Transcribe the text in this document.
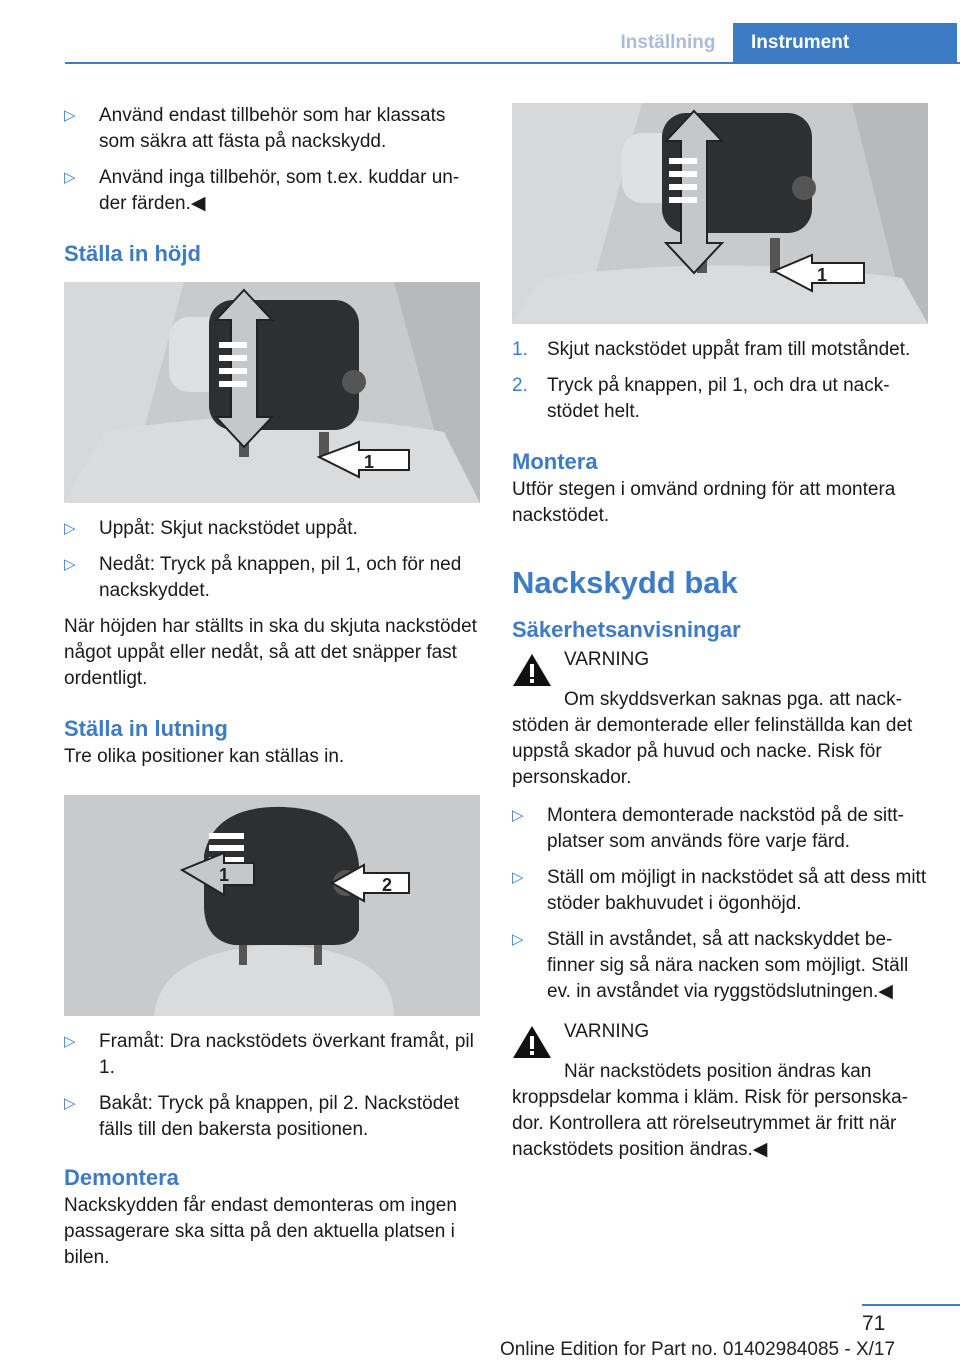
Inställning	Instrument
▷ Använd endast tillbehör som har klassats som säkra att fästa på nackskydd.
▷ Använd inga tillbehör, som t.ex. kuddar under färden.◀
Ställa in höjd
1
▷ Uppåt: Skjut nackstödet uppåt.
▷ Nedåt: Tryck på knappen, pil 1, och för ned nackskyddet.

När höjden har ställts in ska du skjuta nackstödet något uppåt eller nedåt, så att det snäpper fast ordentligt.

Ställa in lutning

Tre olika positioner kan ställas in.

1	2
▷ Framåt: Dra nackstödets överkant framåt, pil 1.
▷ Bakåt: Tryck på knappen, pil 2. Nackstödet fälls till den bakersta positionen.
Demontera

Nackskydden får endast demonteras om ingen passagerare ska sitta på den aktuella platsen i bilen.

1
1. Skjut nackstödet uppåt fram till motståndet.
2. Tryck på knappen, pil 1, och dra ut nackstödet helt.
Montera

Utför stegen i omvänd ordning för att montera nackstödet.

Nackskydd bak
Säkerhetsanvisningar

VARNING

Om skyddsverkan saknas pga. att nackstöden är demonterade eller felinställda kan det uppstå skador på huvud och nacke. Risk för personskador.

▷ Montera demonterade nackstöd på de sittplatser som används före varje färd.
▷ Ställ om möjligt in nackstödet så att dess mitt stöder bakhuvudet i ögonhöjd.
▷ Ställ in avståndet, så att nackskyddet befinner sig så nära nacken som möjligt. Ställ ev. in avståndet via ryggstödslutningen.◀

VARNING

När nackstödets position ändras kan kroppsdelar komma i kläm. Risk för personskador. Kontrollera att rörelseutrymmet är fritt när nackstödets position ändras.◀

71
Online Edition for Part no. 01402984085 - X/17
